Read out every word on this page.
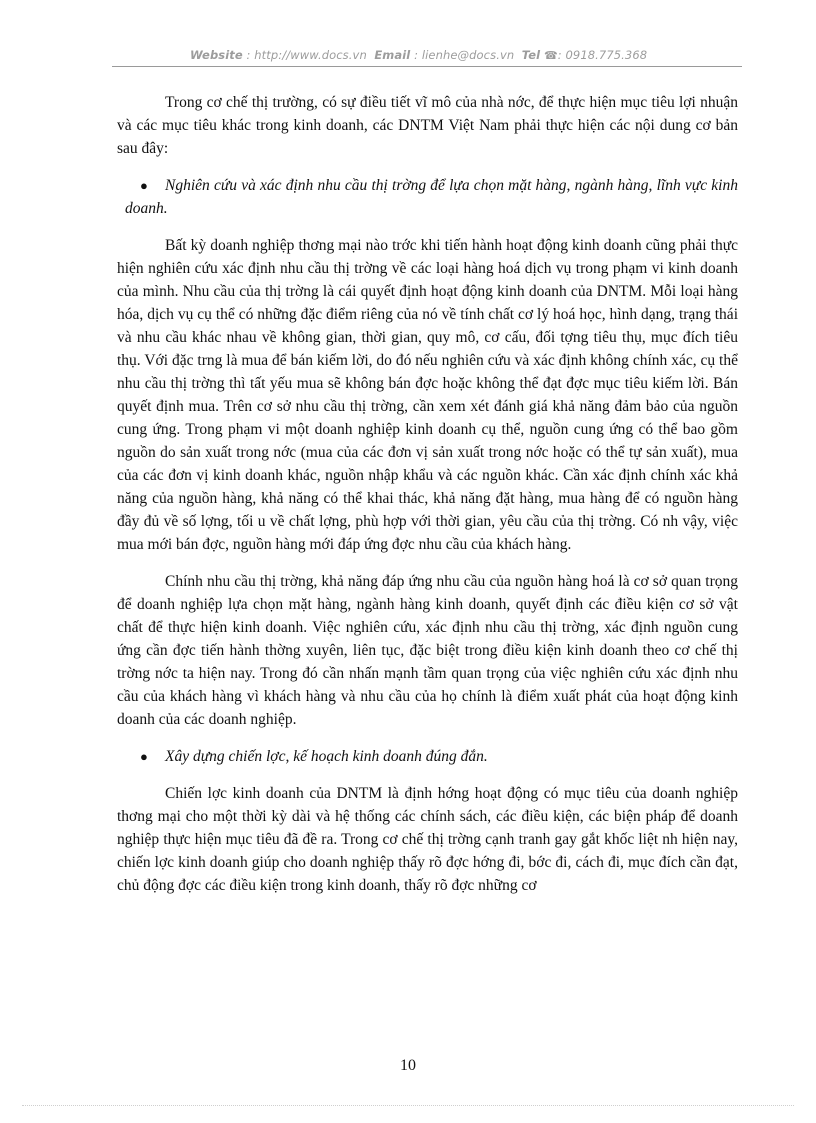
Website : http://www.docs.vn Email : lienhe@docs.vn Tel ☎: 0918.775.368

Trong cơ chế thị trường, có sự điều tiết vĩ mô của nhà nớc, để thực hiện mục tiêu lợi nhuận và các mục tiêu khác trong kinh doanh, các DNTM Việt Nam phải thực hiện các nội dung cơ bản sau đây:

● Nghiên cứu và xác định nhu cầu thị trờng để lựa chọn mặt hàng, ngành hàng, lĩnh vực kinh doanh.

Bất kỳ doanh nghiệp thơng mại nào trớc khi tiến hành hoạt động kinh doanh cũng phải thực hiện nghiên cứu xác định nhu cầu thị trờng về các loại hàng hoá dịch vụ trong phạm vi kinh doanh của mình. Nhu cầu của thị trờng là cái quyết định hoạt động kinh doanh của DNTM. Mỗi loại hàng hóa, dịch vụ cụ thể có những đặc điểm riêng của nó về tính chất cơ lý hoá học, hình dạng, trạng thái và nhu cầu khác nhau về không gian, thời gian, quy mô, cơ cấu, đối tợng tiêu thụ, mục đích tiêu thụ. Với đặc trng là mua để bán kiếm lời, do đó nếu nghiên cứu và xác định không chính xác, cụ thể nhu cầu thị trờng thì tất yếu mua sẽ không bán đợc hoặc không thể đạt đợc mục tiêu kiếm lời. Bán quyết định mua. Trên cơ sở nhu cầu thị trờng, cần xem xét đánh giá khả năng đảm bảo của nguồn cung ứng. Trong phạm vi một doanh nghiệp kinh doanh cụ thể, nguồn cung ứng có thể bao gồm nguồn do sản xuất trong nớc (mua của các đơn vị sản xuất trong nớc hoặc có thể tự sản xuất), mua của các đơn vị kinh doanh khác, nguồn nhập khẩu và các nguồn khác. Cần xác định chính xác khả năng của nguồn hàng, khả năng có thể khai thác, khả năng đặt hàng, mua hàng để có nguồn hàng đầy đủ về số lợng, tối u về chất lợng, phù hợp với thời gian, yêu cầu của thị trờng. Có nh vậy, việc mua mới bán đợc, nguồn hàng mới đáp ứng đợc nhu cầu của khách hàng.

Chính nhu cầu thị trờng, khả năng đáp ứng nhu cầu của nguồn hàng hoá là cơ sở quan trọng để doanh nghiệp lựa chọn mặt hàng, ngành hàng kinh doanh, quyết định các điều kiện cơ sở vật chất để thực hiện kinh doanh. Việc nghiên cứu, xác định nhu cầu thị trờng, xác định nguồn cung ứng cần đợc tiến hành thờng xuyên, liên tục, đặc biệt trong điều kiện kinh doanh theo cơ chế thị trờng nớc ta hiện nay. Trong đó cần nhấn mạnh tầm quan trọng của việc nghiên cứu xác định nhu cầu của khách hàng vì khách hàng và nhu cầu của họ chính là điểm xuất phát của hoạt động kinh doanh của các doanh nghiệp.

● Xây dựng chiến lợc, kế hoạch kinh doanh đúng đắn.

Chiến lợc kinh doanh của DNTM là định hớng hoạt động có mục tiêu của doanh nghiệp thơng mại cho một thời kỳ dài và hệ thống các chính sách, các điều kiện, các biện pháp để doanh nghiệp thực hiện mục tiêu đã đề ra. Trong cơ chế thị trờng cạnh tranh gay gắt khốc liệt nh hiện nay, chiến lợc kinh doanh giúp cho doanh nghiệp thấy rõ đợc hớng đi, bớc đi, cách đi, mục đích cần đạt, chủ động đợc các điều kiện trong kinh doanh, thấy rõ đợc những cơ

10
